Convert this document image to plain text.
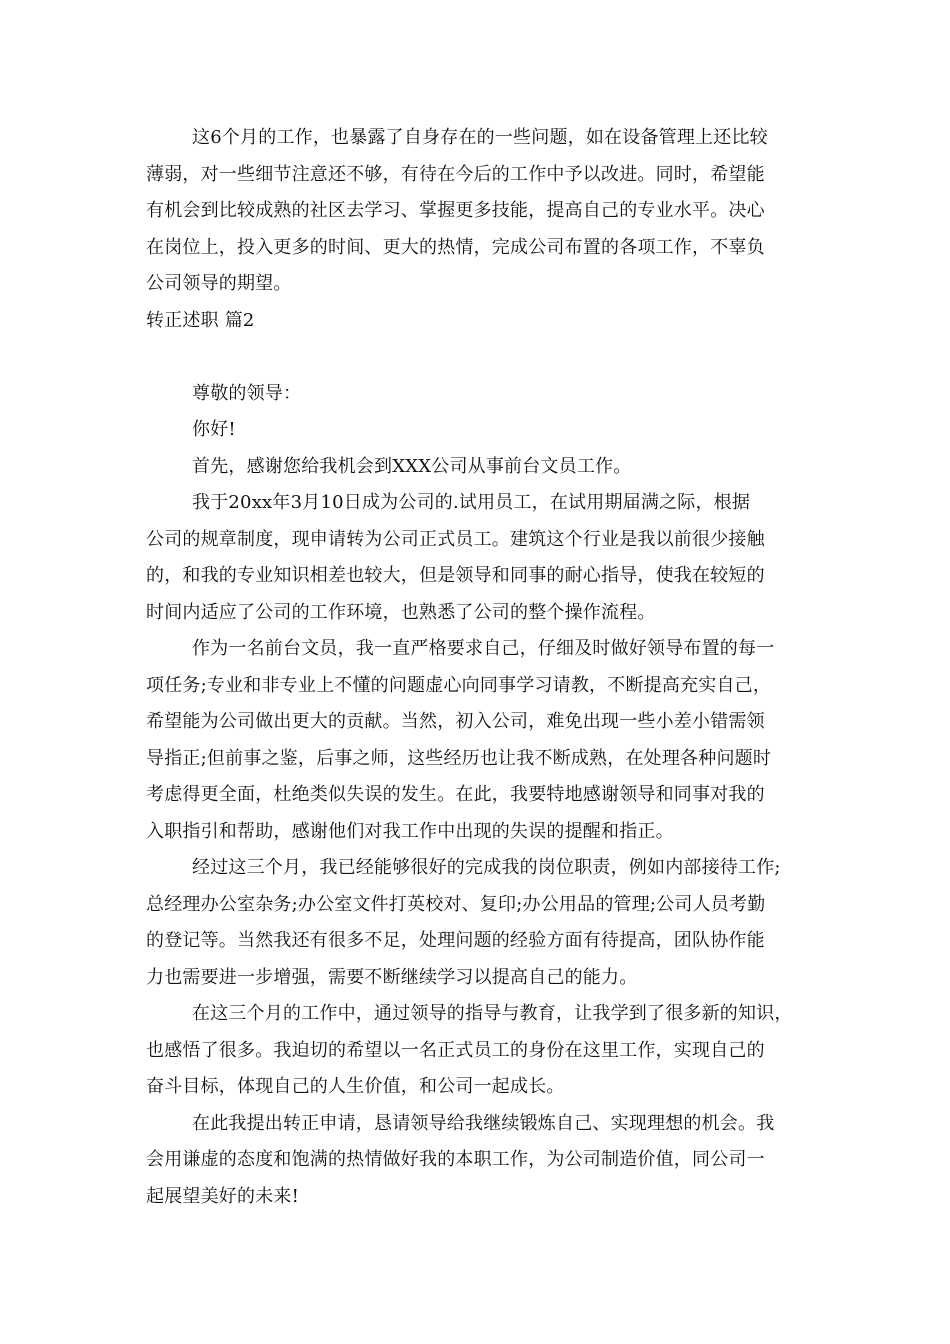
这6个月的工作，也暴露了自身存在的一些问题，如在设备管理上还比较
薄弱，对一些细节注意还不够，有待在今后的工作中予以改进。同时，希望能
有机会到比较成熟的社区去学习、掌握更多技能，提高自己的专业水平。决心
在岗位上，投入更多的时间、更大的热情，完成公司布置的各项工作，不辜负
公司领导的期望。
转正述职 篇2
尊敬的领导：
你好!
首先，感谢您给我机会到XXX公司从事前台文员工作。
我于20xx年3月10日成为公司的.试用员工，在试用期届满之际，根据
公司的规章制度，现申请转为公司正式员工。建筑这个行业是我以前很少接触
的，和我的专业知识相差也较大，但是领导和同事的耐心指导，使我在较短的
时间内适应了公司的工作环境，也熟悉了公司的整个操作流程。
作为一名前台文员，我一直严格要求自己，仔细及时做好领导布置的每一
项任务;专业和非专业上不懂的问题虚心向同事学习请教，不断提高充实自己，
希望能为公司做出更大的贡献。当然，初入公司，难免出现一些小差小错需领
导指正;但前事之鉴，后事之师，这些经历也让我不断成熟，在处理各种问题时
考虑得更全面，杜绝类似失误的发生。在此，我要特地感谢领导和同事对我的
入职指引和帮助，感谢他们对我工作中出现的失误的提醒和指正。
经过这三个月，我已经能够很好的完成我的岗位职责，例如内部接待工作;
总经理办公室杂务;办公室文件打英校对、复印;办公用品的管理;公司人员考勤
的登记等。当然我还有很多不足，处理问题的经验方面有待提高，团队协作能
力也需要进一步增强，需要不断继续学习以提高自己的能力。
在这三个月的工作中，通过领导的指导与教育，让我学到了很多新的知识，
也感悟了很多。我迫切的希望以一名正式员工的身份在这里工作，实现自己的
奋斗目标，体现自己的人生价值，和公司一起成长。
在此我提出转正申请，恳请领导给我继续锻炼自己、实现理想的机会。我
会用谦虚的态度和饱满的热情做好我的本职工作，为公司制造价值，同公司一
起展望美好的未来!
